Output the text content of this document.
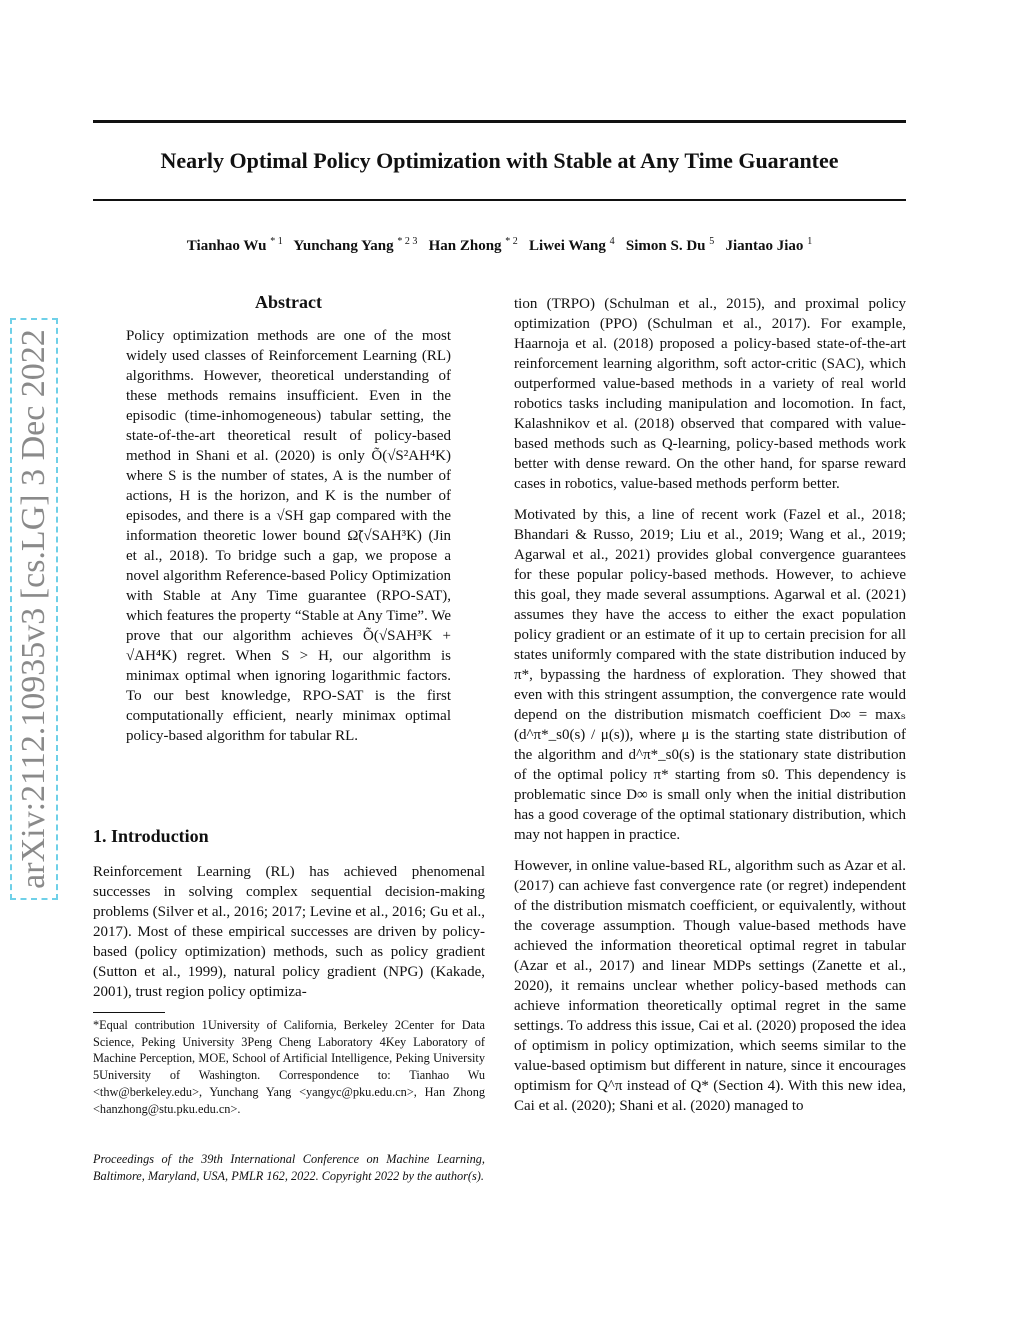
Nearly Optimal Policy Optimization with Stable at Any Time Guarantee
Tianhao Wu $^{* 1}$ Yunchang Yang $^{* 2 3}$ Han Zhong $^{* 2}$ Liwei Wang $^4$ Simon S. Du $^5$ Jiantao Jiao $^1$
arXiv:2112.10935v3 [cs.LG] 3 Dec 2022
Abstract
Policy optimization methods are one of the most widely used classes of Reinforcement Learning (RL) algorithms. However, theoretical understanding of these methods remains insufficient. Even in the episodic (time-inhomogeneous) tabular setting, the state-of-the-art theoretical result of policy-based method in Shani et al. (2020) is only Õ(√S²AH⁴K) where S is the number of states, A is the number of actions, H is the horizon, and K is the number of episodes, and there is a √SH gap compared with the information theoretic lower bound Ω̃(√SAH³K) (Jin et al., 2018). To bridge such a gap, we propose a novel algorithm Reference-based Policy Optimization with Stable at Any Time guarantee (RPO-SAT), which features the property “Stable at Any Time”. We prove that our algorithm achieves Õ(√SAH³K + √AH⁴K) regret. When S > H, our algorithm is minimax optimal when ignoring logarithmic factors. To our best knowledge, RPO-SAT is the first computationally efficient, nearly minimax optimal policy-based algorithm for tabular RL.
1. Introduction
Reinforcement Learning (RL) has achieved phenomenal successes in solving complex sequential decision-making problems (Silver et al., 2016; 2017; Levine et al., 2016; Gu et al., 2017). Most of these empirical successes are driven by policy-based (policy optimization) methods, such as policy gradient (Sutton et al., 1999), natural policy gradient (NPG) (Kakade, 2001), trust region policy optimiza-
*Equal contribution 1University of California, Berkeley 2Center for Data Science, Peking University 3Peng Cheng Laboratory 4Key Laboratory of Machine Perception, MOE, School of Artificial Intelligence, Peking University 5University of Washington. Correspondence to: Tianhao Wu <thw@berkeley.edu>, Yunchang Yang <yangyc@pku.edu.cn>, Han Zhong <hanzhong@stu.pku.edu.cn>.
Proceedings of the 39th International Conference on Machine Learning, Baltimore, Maryland, USA, PMLR 162, 2022. Copyright 2022 by the author(s).

tion (TRPO) (Schulman et al., 2015), and proximal policy optimization (PPO) (Schulman et al., 2017). For example, Haarnoja et al. (2018) proposed a policy-based state-of-the-art reinforcement learning algorithm, soft actor-critic (SAC), which outperformed value-based methods in a variety of real world robotics tasks including manipulation and locomotion. In fact, Kalashnikov et al. (2018) observed that compared with value-based methods such as Q-learning, policy-based methods work better with dense reward. On the other hand, for sparse reward cases in robotics, value-based methods perform better.

Motivated by this, a line of recent work (Fazel et al., 2018; Bhandari & Russo, 2019; Liu et al., 2019; Wang et al., 2019; Agarwal et al., 2021) provides global convergence guarantees for these popular policy-based methods. However, to achieve this goal, they made several assumptions. Agarwal et al. (2021) assumes they have the access to either the exact population policy gradient or an estimate of it up to certain precision for all states uniformly compared with the state distribution induced by π*, bypassing the hardness of exploration. They showed that even with this stringent assumption, the convergence rate would depend on the distribution mismatch coefficient D∞ = maxₛ (d^π*_s0(s) / μ(s)), where μ is the starting state distribution of the algorithm and d^π*_s0(s) is the stationary state distribution of the optimal policy π* starting from s0. This dependency is problematic since D∞ is small only when the initial distribution has a good coverage of the optimal stationary distribution, which may not happen in practice.

However, in online value-based RL, algorithm such as Azar et al. (2017) can achieve fast convergence rate (or regret) independent of the distribution mismatch coefficient, or equivalently, without the coverage assumption. Though value-based methods have achieved the information theoretical optimal regret in tabular (Azar et al., 2017) and linear MDPs settings (Zanette et al., 2020), it remains unclear whether policy-based methods can achieve information theoretically optimal regret in the same settings. To address this issue, Cai et al. (2020) proposed the idea of optimism in policy optimization, which seems similar to the value-based optimism but different in nature, since it encourages optimism for Q^π instead of Q* (Section 4). With this new idea, Cai et al. (2020); Shani et al. (2020) managed to
